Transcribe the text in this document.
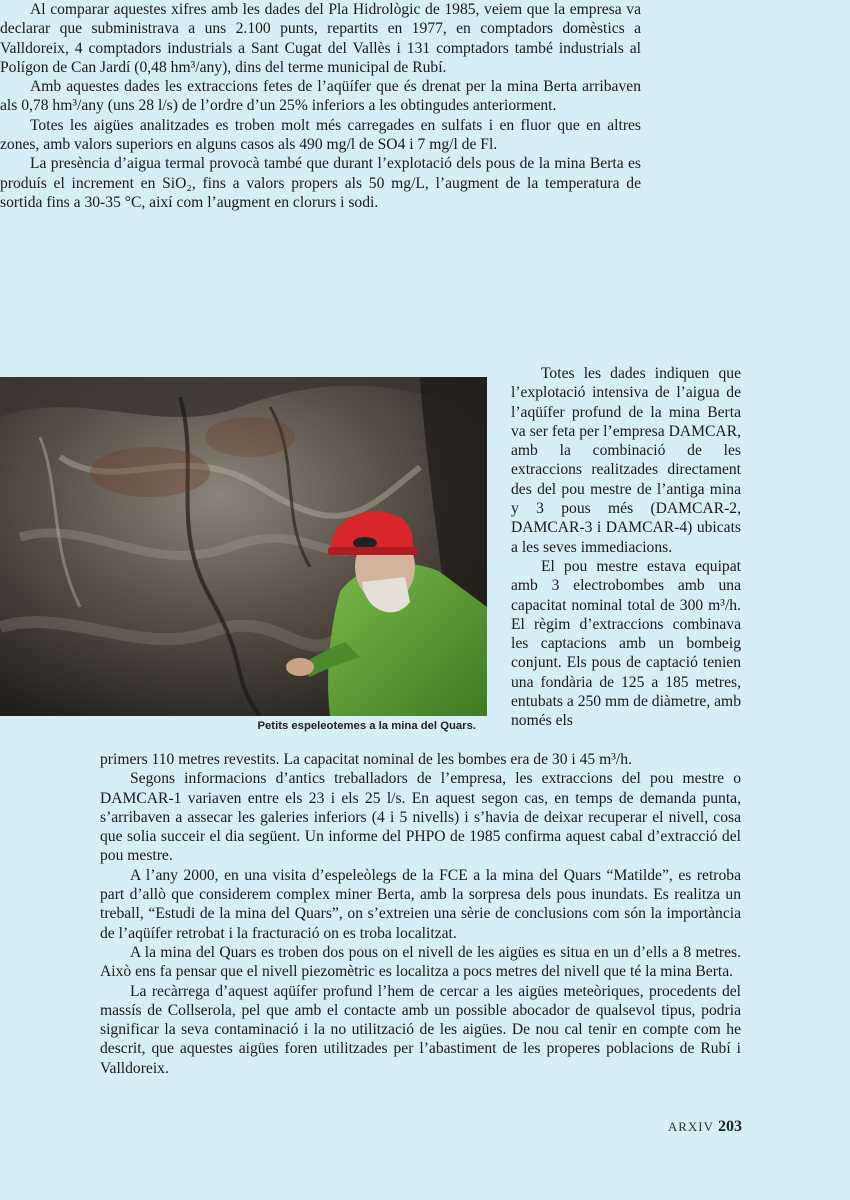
Al comparar aquestes xifres amb les dades del Pla Hidrològic de 1985, veiem que la empresa va declarar que subministrava a uns 2.100 punts, repartits en 1977, en comptadors domèstics a Valldoreix, 4 comptadors industrials a Sant Cugat del Vallès i 131 comptadors també industrials al Polígon de Can Jardí (0,48 hm³/any), dins del terme municipal de Rubí.

Amb aquestes dades les extraccions fetes de l’aqüífer que és drenat per la mina Berta arribaven als 0,78 hm³/any (uns 28 l/s) de l’ordre d’un 25% inferiors a les obtingudes anteriorment.

Totes les aigües analitzades es troben molt més carregades en sulfats i en fluor que en altres zones, amb valors superiors en alguns casos als 490 mg/l de SO4 i 7 mg/l de Fl.

La presència d’aigua termal provocà també que durant l’explotació dels pous de la mina Berta es produís el increment en SiO₂, fins a valors propers als 50 mg/L, l’augment de la temperatura de sortida fins a 30-35 °C, així com l’augment en clorurs i sodi.

Petits espeleotemes a la mina del Quars.

Totes les dades indiquen que l’explotació intensiva de l’aigua de l’aqüífer profund de la mina Berta va ser feta per l’empresa DAMCAR, amb la combinació de les extraccions realitzades directament des del pou mestre de l’antiga mina y 3 pous més (DAMCAR-2, DAMCAR-3 i DAMCAR-4) ubicats a les seves immediacions.

El pou mestre estava equipat amb 3 electrobombes amb una capacitat nominal total de 300 m³/h. El règim d’extraccions combinava les captacions amb un bombeig conjunt. Els pous de captació tenien una fondària de 125 a 185 metres, entubats a 250 mm de diàmetre, amb només els

primers 110 metres revestits. La capacitat nominal de les bombes era de 30 i 45 m³/h.

Segons informacions d’antics treballadors de l’empresa, les extraccions del pou mestre o DAMCAR-1 variaven entre els 23 i els 25 l/s. En aquest segon cas, en temps de demanda punta, s’arribaven a assecar les galeries inferiors (4 i 5 nivells) i s’havia de deixar recuperar el nivell, cosa que solia succeir el dia següent. Un informe del PHPO de 1985 confirma aquest cabal d’extracció del pou mestre.

A l’any 2000, en una visita d’espeleòlegs de la FCE a la mina del Quars “Matilde”, es retroba part d’allò que considerem complex miner Berta, amb la sorpresa dels pous inundats. Es realitza un treball, “Estudi de la mina del Quars”, on s’extreien una sèrie de conclusions com són la importància de l’aqüífer retrobat i la fracturació on es troba localitzat.

A la mina del Quars es troben dos pous on el nivell de les aigües es situa en un d’ells a 8 metres. Això ens fa pensar que el nivell piezomètric es localitza a pocs metres del nivell que té la mina Berta.

La recàrrega d’aquest aqüífer profund l’hem de cercar a les aigües meteòriques, procedents del massís de Collserola, pel que amb el contacte amb un possible abocador de qualsevol tipus, podria significar la seva contaminació i la no utilització de les aigües. De nou cal tenir en compte com he descrit, que aquestes aigües foren utilitzades per l’abastiment de les properes poblacions de Rubí i Valldoreix.

ARXIV 203
